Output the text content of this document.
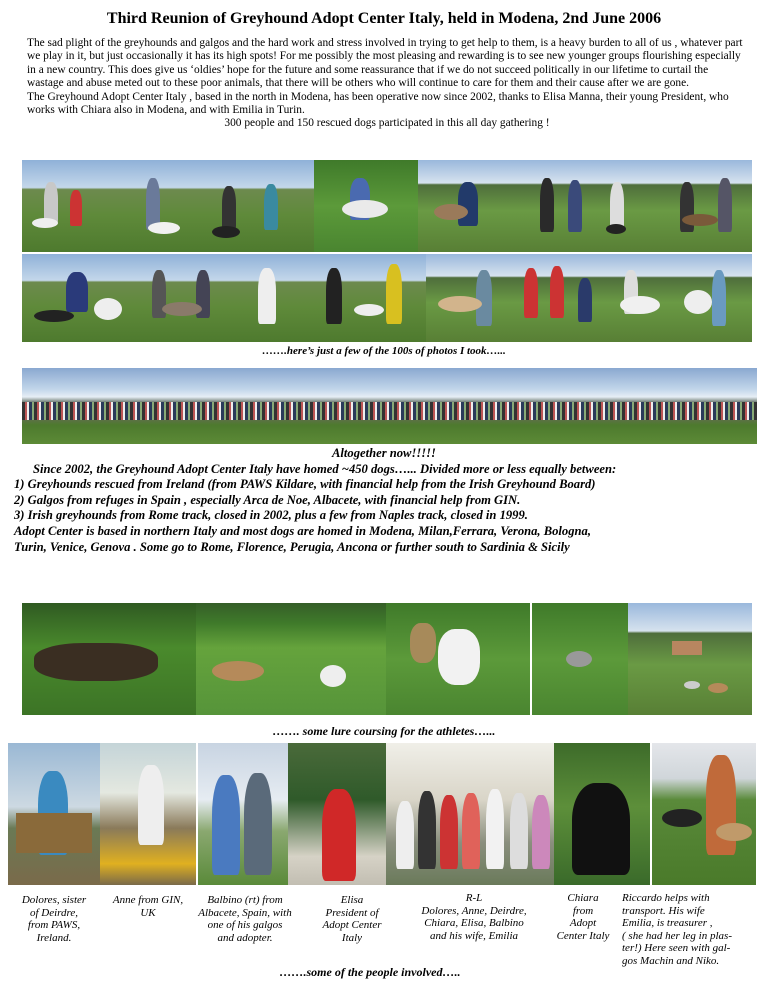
Third Reunion of Greyhound Adopt Center Italy, held in Modena, 2nd June 2006

The sad plight of the greyhounds and galgos and the hard work and stress involved in trying to get help to them, is a heavy burden to all of us , whatever part we play in it, but just occasionally it has its high spots! For me possibly the most pleasing and rewarding is to see new younger groups flourishing especially in a new country. This does give us ‘oldies’ hope for the future and some reassurance that if we do not succeed politically in our lifetime to curtail the wastage and abuse meted out to these poor animals, that there will be others who will continue to care for them and their cause after we are gone.

The Greyhound Adopt Center Italy , based in the north in Modena, has been operative now since 2002, thanks to Elisa Manna, their young President, who works with Chiara also in Modena, and with Emilia in Turin.

300 people and 150 rescued dogs participated in this all day gathering !

…….here’s just a few of the 100s of photos I took…...

Altogether now!!!!!

Since 2002, the Greyhound Adopt Center Italy have homed ~450 dogs…... Divided more or less equally between:

1) Greyhounds rescued from Ireland (from PAWS Kildare, with financial help from the Irish Greyhound Board)

2) Galgos from refuges in Spain , especially Arca de Noe, Albacete, with financial help from GIN.

3) Irish greyhounds from Rome track, closed in 2002, plus a few from Naples track, closed in 1999.

Adopt Center is based in northern Italy and most dogs are homed in Modena, Milan,Ferrara, Verona, Bologna,

Turin, Venice, Genova . Some go to Rome, Florence, Perugia, Ancona or further south to Sardinia & Sicily

……. some lure coursing for the athletes…...
Dolores, sister
of Deirdre,
from PAWS,
Ireland.
Anne from GIN,
UK
Balbino (rt) from
Albacete, Spain, with
one of his galgos
and adopter.
Elisa
President of
Adopt Center
Italy
R-L
Dolores, Anne, Deirdre,
Chiara, Elisa, Balbino
and his wife, Emilia
Chiara
from
Adopt
Center Italy
Riccardo helps with
transport. His wife
Emilia, is treasurer ,
( she had her leg in plas-
ter!) Here seen with gal-
gos Machin and Niko.
…….some of the people involved…..
